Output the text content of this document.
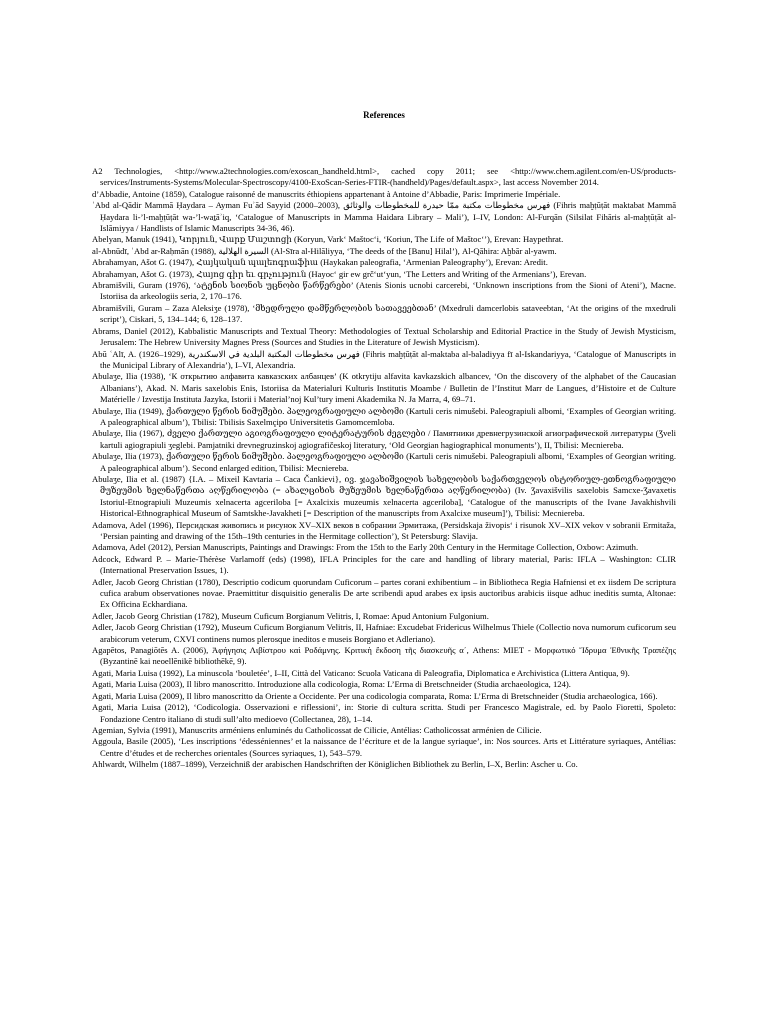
References

A2 Technologies, <http://www.a2technologies.com/exoscan_handheld.html>, cached copy 2011; see <http://www.chem.agilent.com/en-US/products-services/Instruments-Systems/Molecular-Spectroscopy/4100-ExoScan-Series-FTIR-(handheld)/Pages/default.aspx>, last access November 2014.

d’Abbadie, Antoine (1859), Catalogue raisonné de manuscrits éthiopiens appartenant à Antoine d’Abbadie, Paris: Imprimerie Impériale.

ʿAbd al-Qādir Mammā Ḥaydara – Ayman Fuʾād Sayyid (2000–2003), فهرس مخطوطات مكتبة ممّا حيدرة للمخطوطات والوثائق (Fihris maḫṭūṭāt maktabat Mammā Ḥaydara li-’l-maḫṭūṭāt wa-’l-waṯāʾiq, ‘Catalogue of Manuscripts in Mamma Haidara Library – Mali’), I–IV, London: Al-Furqān (Silsilat Fihāris al-maḫṭūṭāt al-Islāmiyya / Handlists of Islamic Manuscripts 34-36, 46).

Abelyan, Manuk (1941), Կորյուն, Վարք Մաշտոցի (Koryun, Vark‘ Maštoc‘i, ‘Koriun, The Life of Maštoc‘’), Erevan: Haypethrat.

al-Abnūdī, ʿAbd ar-Raḥmān (1988), السيرة الهلالية (Al-Sīra al-Hilāliyya, ‘The deeds of the [Banu] Hilal’), Al-Qāhira: Aḫbār al-yawm.

Abrahamyan, Ašot G. (1947), Հայկական պալեոգրաֆիա (Haykakan paleografia, ‘Armenian Paleography’), Erevan: Aredit.

Abrahamyan, Ašot G. (1973), Հայոց գիր եւ գրչություն (Hayoc‘ gir ew grč‘ut‘yun, ‘The Letters and Writing of the Armenians’), Erevan.

Abramišvili, Guram (1976), ‘ატენის სიონის უცნობი წარწერები’ (Atenis Sionis ucnobi carcerebi, ‘Unknown inscriptions from the Sioni of Ateni’), Macne. Istoriisa da arkeologiis seria, 2, 170–176.

Abramišvili, Guram – Zaza Aleksiʒe (1978), ‘მხედრული დამწერლობის სათავეებთან’ (Mxedruli damcerlobis sataveebtan, ‘At the origins of the mxedruli script’), Ciskari, 5, 134–144; 6, 128–137.

Abrams, Daniel (2012), Kabbalistic Manuscripts and Textual Theory: Methodologies of Textual Scholarship and Editorial Practice in the Study of Jewish Mysticism, Jerusalem: The Hebrew University Magnes Press (Sources and Studies in the Literature of Jewish Mysticism).

Abū ʿAlī, A. (1926–1929), فهرس مخطوطات المكتبة البلدية في الاسكندرية (Fihris maḫṭūṭāt al-maktaba al-baladiyya fī al-Iskandariyya, ‘Catalogue of Manuscripts in the Municipal Library of Alexandria’), I–VI, Alexandria.

Abulaʒe, Ilia (1938), ‘К открытию алфавита кавказских албанцев’ (K otkrytiju alfavita kavkazskich albancev, ‘On the discovery of the alphabet of the Caucasian Albanians’), Akad. N. Maris saxelobis Enis, Istoriisa da Materialuri Kulturis Institutis Moambe / Bulletin de l’Institut Marr de Langues, d’Histoire et de Culture Matérielle / Izvestija Instituta Jazyka, Istorii i Material’noj Kul’tury imeni Akademika N. Ja Marra, 4, 69–71.

Abulaʒe, Ilia (1949), ქართული წერის ნიმუშები. პალეოგრაფიული ალბომი (Kartuli ceris nimušebi. Paleograpiuli albomi, ‘Examples of Georgian writing. A paleographical album’), Tbilisi: Tbilisis Saxelmçipo Universitetis Gamomcemloba.

Abulaʒe, Ilia (1967), ძველი ქართული აგიოგრაფიული ლიტერატურის ძეგლები / Памятники древнегрузинской агиографической литературы (Ʒveli kartuli agiograpiuli ʒeglebi. Pamjatniki drevnegruzinskoj agiografičeskoj literatury, ‘Old Georgian hagiographical monuments’), II, Tbilisi: Mecniereba.

Abulaʒe, Ilia (1973), ქართული წერის ნიმუშები. პალეოგრაფიული ალბომი (Kartuli ceris nimušebi. Paleograpiuli albomi, ‘Examples of Georgian writing. A paleographical album’). Second enlarged edition, Tbilisi: Mecniereba.

Abulaʒe, Ilia et al. (1987) {I.A. – Mixeil Kavtaria – Caca Čankievi}, ივ. ჯავახიშვილის სახელობის საქართველოს ისტორიულ-ეთნოგრაფიული მუზეუმის ხელნაწერთა აღწერილობა (= ახალციხის მუზეუმის ხელნაწერთა აღწერილობა) (Iv. Ʒavaxišvilis saxelobis Samcxe-Ʒavaxetis Istoriul-Etnograpiuli Muzeumis xelnacerta agceriloba [= Axalcixis muzeumis xelnacerta agceriloba], ‘Catalogue of the manuscripts of the Ivane Javakhishvili Historical-Ethnographical Museum of Samtskhe-Javakheti [= Description of the manuscripts from Axalcixe museum]’), Tbilisi: Mecniereba.

Adamova, Adel (1996), Персидская живопись и рисунок XV–XIX веков в собрании Эрмитажа, (Persidskaja živopis‘ i risunok XV–XIX vekov v sobranii Ermitaža, ‘Persian painting and drawing of the 15th–19th centuries in the Hermitage collection’), St Petersburg: Slavija.

Adamova, Adel (2012), Persian Manuscripts, Paintings and Drawings: From the 15th to the Early 20th Century in the Hermitage Collection, Oxbow: Azimuth.

Adcock, Edward P. – Marie-Thérèse Varlamoff (eds) (1998), IFLA Principles for the care and handling of library material, Paris: IFLA – Washington: CLIR (International Preservation Issues, 1).

Adler, Jacob Georg Christian (1780), Descriptio codicum quorundam Cuficorum – partes corani exhibentium – in Bibliotheca Regia Hafniensi et ex iisdem De scriptura cufica arabum observationes novae. Praemittitur disquisitio generalis De arte scribendi apud arabes ex ipsis auctoribus arabicis iisque adhuc ineditis sumta, Altonae: Ex Officina Eckhardiana.

Adler, Jacob Georg Christian (1782), Museum Cuficum Borgianum Velitris, I, Romae: Apud Antonium Fulgonium.

Adler, Jacob Georg Christian (1792), Museum Cuficum Borgianum Velitris, II, Hafniae: Excudebat Fridericus Wilhelmus Thiele (Collectio nova numorum cuficorum seu arabicorum veterum, CXVI continens numos plerosque ineditos e museis Borgiano et Adleriano).

Agapētos, Panagiōtēs A. (2006), Ἀφήγησις Λιβίστρου καὶ Ροδάμνης. Κριτικὴ ἔκδοση τῆς διασκευῆς α΄, Athens: MIET - Μορφωτικό Ἵδρυμα Ἐθνικῆς Τραπέζης (Byzantinē kai neoellēnikē bibliothēkē, 9).

Agati, Maria Luisa (1992), La minuscola ‘bouletée’, I–II, Città del Vaticano: Scuola Vaticana di Paleografia, Diplomatica e Archivistica (Littera Antiqua, 9).

Agati, Maria Luisa (2003), Il libro manoscritto. Introduzione alla codicologia, Roma: L’Erma di Bretschneider (Studia archaeologica, 124).

Agati, Maria Luisa (2009), Il libro manoscritto da Oriente a Occidente. Per una codicologia comparata, Roma: L’Erma di Bretschneider (Studia archaeologica, 166).

Agati, Maria Luisa (2012), ‘Codicologia. Osservazioni e riflessioni’, in: Storie di cultura scritta. Studi per Francesco Magistrale, ed. by Paolo Fioretti, Spoleto: Fondazione Centro italiano di studi sull’alto medioevo (Collectanea, 28), 1–14.

Agemian, Sylvia (1991), Manuscrits arméniens enluminés du Catholicossat de Cilicie, Antélias: Catholicossat arménien de Cilicie.

Aggoula, Basile (2005), ‘Les inscriptions ‘édesséniennes’ et la naissance de l’écriture et de la langue syriaque’, in: Nos sources. Arts et Littérature syriaques, Antélias: Centre d’études et de recherches orientales (Sources syriaques, 1), 543–579.

Ahlwardt, Wilhelm (1887–1899), Verzeichniß der arabischen Handschriften der Königlichen Bibliothek zu Berlin, I–X, Berlin: Ascher u. Co.
